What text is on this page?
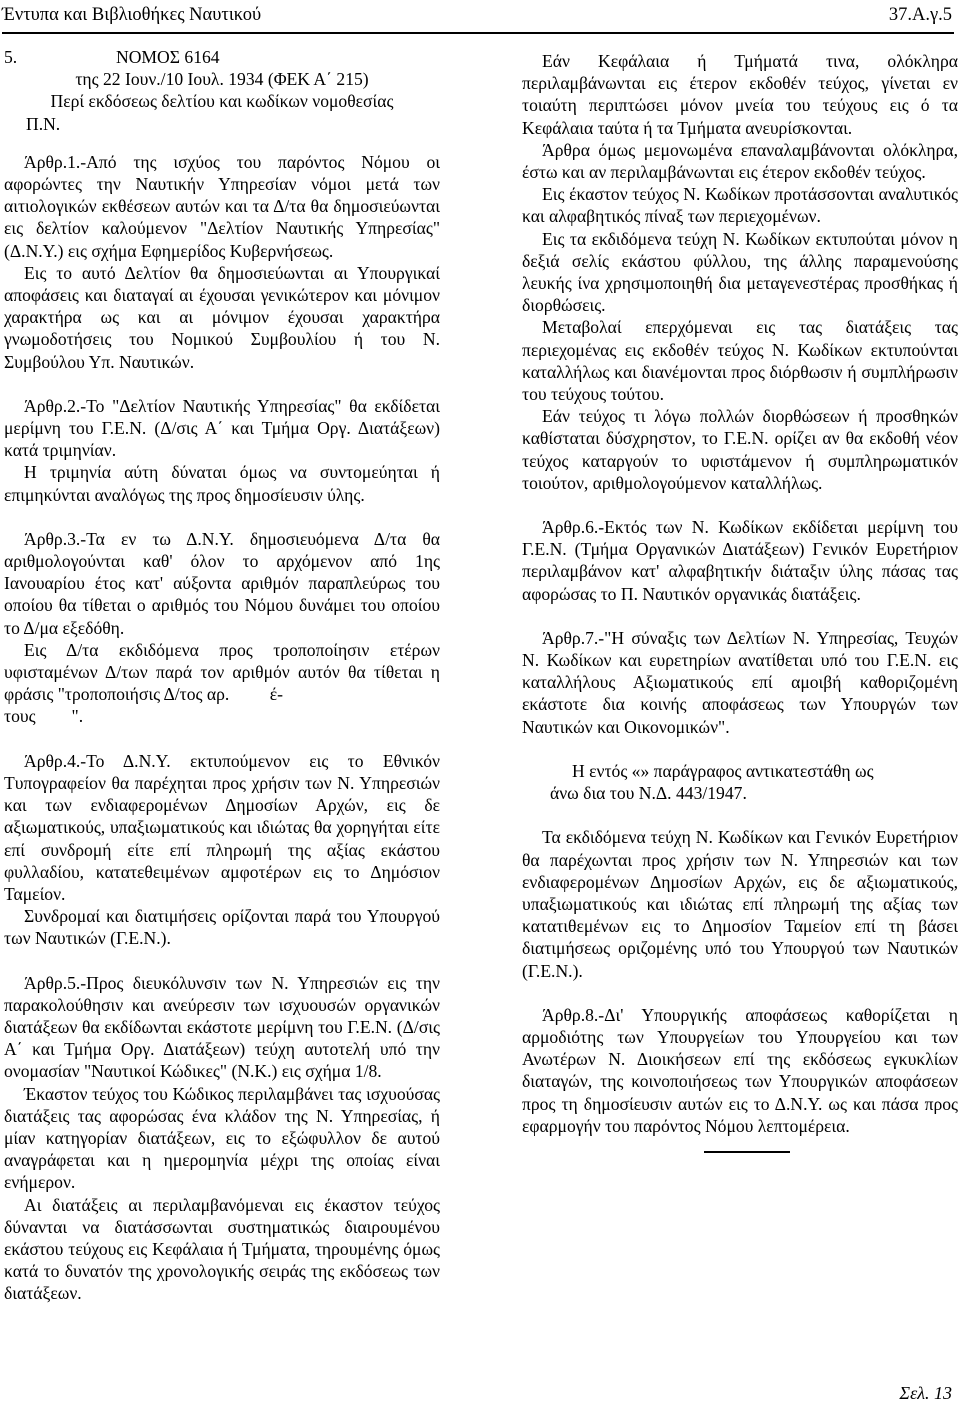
Έντυπα και Βιβλιοθήκες Ναυτικού	37.Α.γ.5
5.	ΝΟΜΟΣ 6164
της 22 Ιουν./10 Ιουλ. 1934 (ΦΕΚ Α΄ 215)
Περί εκδόσεως δελτίου και κωδίκων νομοθεσίας
Π.Ν.

Άρθρ.1.-Από της ισχύος του παρόντος Νόμου οι αφορώντες την Ναυτικήν Υπηρεσίαν νόμοι μετά των αιτιολογικών εκθέσεων αυτών και τα Δ/τα θα δημοσιεύωνται εις δελτίον καλούμενον "Δελτίον Ναυτικής Υπηρεσίας" (Δ.Ν.Υ.) εις σχήμα Εφημερίδος Κυβερνήσεως.

Εις το αυτό Δελτίον θα δημοσιεύωνται αι Υπουργικαί αποφάσεις και διαταγαί αι έχουσαι γενικώτερον και μόνιμον χαρακτήρα ως και αι μόνιμον έχουσαι χαρακτήρα γνωμοδοτήσεις του Νομικού Συμβουλίου ή του Ν. Συμβούλου Υπ. Ναυτικών.

Άρθρ.2.-Το "Δελτίον Ναυτικής Υπηρεσίας" θα εκδίδεται μερίμνη του Γ.Ε.Ν. (Δ/σις Α΄ και Τμήμα Οργ. Διατάξεων) κατά τριμηνίαν.

Η τριμηνία αύτη δύναται όμως να συντομεύηται ή επιμηκύνται αναλόγως της προς δημοσίευσιν ύλης.

Άρθρ.3.-Τα εν τω Δ.Ν.Υ. δημοσιευόμενα Δ/τα θα αριθμολογούνται καθ' όλον το αρχόμενον από 1ης Ιανουαρίου έτος κατ' αύξοντα αριθμόν παραπλεύρως του οποίου θα τίθεται ο αριθμός του Νόμου δυνάμει του οποίου το Δ/μα εξεδόθη.

Εις Δ/τα εκδιδόμενα προς τροποποίησιν ετέρων υφισταμένων Δ/των παρά τον αριθμόν αυτόν θα τίθεται η φράσις "τροποποιήσις Δ/τος αρ. έ-
τους ".

Άρθρ.4.-Το Δ.Ν.Υ. εκτυπούμενον εις το Εθνικόν Τυπογραφείον θα παρέχηται προς χρήσιν των Ν. Υπηρεσιών και των ενδιαφερομένων Δημοσίων Αρχών, εις δε αξιωματικούς, υπαξιωματικούς και ιδιώτας θα χορηγήται είτε επί συνδρομή είτε επί πληρωμή της αξίας εκάστου φυλλαδίου, κατατεθειμένων αμφοτέρων εις το Δημόσιον Ταμείον.

Συνδρομαί και διατιμήσεις ορίζονται παρά του Υπουργού των Ναυτικών (Γ.Ε.Ν.).

Άρθρ.5.-Προς διευκόλυνσιν των Ν. Υπηρεσιών εις την παρακολούθησιν και ανεύρεσιν των ισχυουσών οργανικών διατάξεων θα εκδίδωνται εκάστοτε μερίμνη του Γ.Ε.Ν. (Δ/σις Α΄ και Τμήμα Οργ. Διατάξεων) τεύχη αυτοτελή υπό την ονομασίαν "Ναυτικοί Κώδικες" (Ν.Κ.) εις σχήμα 1/8.

Έκαστον τεύχος του Κώδικος περιλαμβάνει τας ισχυούσας διατάξεις τας αφορώσας ένα κλάδον της Ν. Υπηρεσίας, ή μίαν κατηγορίαν διατάξεων, εις το εξώφυλλον δε αυτού αναγράφεται και η ημερομηνία μέχρι της οποίας είναι ενήμερον.

Αι διατάξεις αι περιλαμβανόμεναι εις έκαστον τεύχος δύνανται να διατάσσωνται συστηματικώς διαιρουμένου εκάστου τεύχους εις Κεφάλαια ή Τμήματα, τηρουμένης όμως κατά το δυνατόν της χρονολογικής σειράς της εκδόσεως των διατάξεων.

Εάν Κεφάλαια ή Τμήματά τινα, ολόκληρα περιλαμβάνωνται εις έτερον εκδοθέν τεύχος, γίνεται εν τοιαύτη περιπτώσει μόνον μνεία του τεύχους εις ό τα Κεφάλαια ταύτα ή τα Τμήματα ανευρίσκονται.

Άρθρα όμως μεμονωμένα επαναλαμβάνονται ολόκληρα, έστω και αν περιλαμβάνωνται εις έτερον εκδοθέν τεύχος.

Εις έκαστον τεύχος Ν. Κωδίκων προτάσσονται αναλυτικός και αλφαβητικός πίναξ των περιεχομένων.

Εις τα εκδιδόμενα τεύχη Ν. Κωδίκων εκτυπούται μόνον η δεξιά σελίς εκάστου φύλλου, της άλλης παραμενούσης λευκής ίνα χρησιμοποιηθή δια μεταγενεστέρας προσθήκας ή διορθώσεις.

Μεταβολαί επερχόμεναι εις τας διατάξεις τας περιεχομένας εις εκδοθέν τεύχος Ν. Κωδίκων εκτυπούνται καταλλήλως και διανέμονται προς διόρθωσιν ή συμπλήρωσιν του τεύχους τούτου.

Εάν τεύχος τι λόγω πολλών διορθώσεων ή προσθηκών καθίσταται δύσχρηστον, το Γ.Ε.Ν. ορίζει αν θα εκδοθή νέον τεύχος καταργούν το υφιστάμενον ή συμπληρωματικόν τοιούτον, αριθμολογούμενον καταλλήλως.

Άρθρ.6.-Εκτός των Ν. Κωδίκων εκδίδεται μερίμνη του Γ.Ε.Ν. (Τμήμα Οργανικών Διατάξεων) Γενικόν Ευρετήριον περιλαμβάνον κατ' αλφαβητικήν διάταξιν ύλης πάσας τας αφορώσας το Π. Ναυτικόν οργανικάς διατάξεις.

Άρθρ.7.-"Η σύναξις των Δελτίων Ν. Υπηρεσίας, Τευχών Ν. Κωδίκων και ευρετηρίων ανατίθεται υπό του Γ.Ε.Ν. εις καταλλήλους Αξιωματικούς επί αμοιβή καθοριζομένη εκάστοτε δια κοινής αποφάσεως των Υπουργών των Ναυτικών και Οικονομικών".

Η εντός «» παράγραφος αντικατεστάθη ως

άνω δια του Ν.Δ. 443/1947.

Τα εκδιδόμενα τεύχη Ν. Κωδίκων και Γενικόν Ευρετήριον θα παρέχωνται προς χρήσιν των Ν. Υπηρεσιών και των ενδιαφερομένων Δημοσίων Αρχών, εις δε αξιωματικούς, υπαξιωματικούς και ιδιώτας επί πληρωμή της αξίας των κατατιθεμένων εις το Δημοσίον Ταμείον επί τη βάσει διατιμήσεως οριζομένης υπό του Υπουργού των Ναυτικών (Γ.Ε.Ν.).

Άρθρ.8.-Δι' Υπουργικής αποφάσεως καθορίζεται η αρμοδιότης των Υπουργείων του Υπουργείου και των Ανωτέρων Ν. Διοικήσεων επί της εκδόσεως εγκυκλίων διαταγών, της κοινοποιήσεως των Υπουργικών αποφάσεων προς τη δημοσίευσιν αυτών εις το Δ.Ν.Υ. ως και πάσα προς εφαρμογήν του παρόντος Νόμου λεπτομέρεια.

Σελ. 13
